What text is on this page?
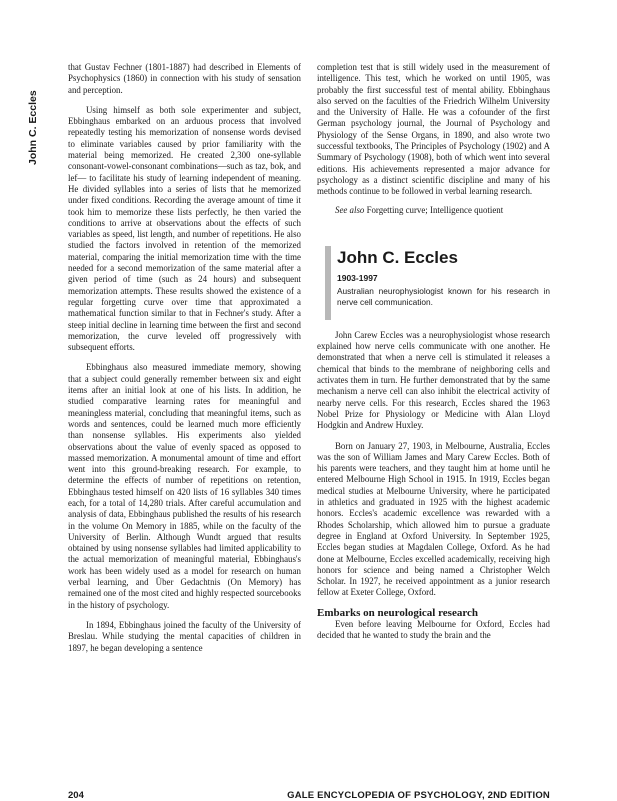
John C. Eccles

that Gustav Fechner (1801-1887) had described in Elements of Psychophysics (1860) in connection with his study of sensation and perception.

Using himself as both sole experimenter and subject, Ebbinghaus embarked on an arduous process that involved repeatedly testing his memorization of nonsense words devised to eliminate variables caused by prior familiarity with the material being memorized. He created 2,300 one-syllable consonant-vowel-consonant combinations—such as taz, bok, and lef— to facilitate his study of learning independent of meaning. He divided syllables into a series of lists that he memorized under fixed conditions. Recording the average amount of time it took him to memorize these lists perfectly, he then varied the conditions to arrive at observations about the effects of such variables as speed, list length, and number of repetitions. He also studied the factors involved in retention of the memorized material, comparing the initial memorization time with the time needed for a second memorization of the same material after a given period of time (such as 24 hours) and subsequent memorization attempts. These results showed the existence of a regular forgetting curve over time that approximated a mathematical function similar to that in Fechner's study. After a steep initial decline in learning time between the first and second memorization, the curve leveled off progressively with subsequent efforts.

Ebbinghaus also measured immediate memory, showing that a subject could generally remember between six and eight items after an initial look at one of his lists. In addition, he studied comparative learning rates for meaningful and meaningless material, concluding that meaningful items, such as words and sentences, could be learned much more efficiently than nonsense syllables. His experiments also yielded observations about the value of evenly spaced as opposed to massed memorization. A monumental amount of time and effort went into this ground-breaking research. For example, to determine the effects of number of repetitions on retention, Ebbinghaus tested himself on 420 lists of 16 syllables 340 times each, for a total of 14,280 trials. After careful accumulation and analysis of data, Ebbinghaus published the results of his research in the volume On Memory in 1885, while on the faculty of the University of Berlin. Although Wundt argued that results obtained by using nonsense syllables had limited applicability to the actual memorization of meaningful material, Ebbinghaus's work has been widely used as a model for research on human verbal learning, and Über Gedachtnis (On Memory) has remained one of the most cited and highly respected sourcebooks in the history of psychology.

In 1894, Ebbinghaus joined the faculty of the University of Breslau. While studying the mental capacities of children in 1897, he began developing a sentence

completion test that is still widely used in the measurement of intelligence. This test, which he worked on until 1905, was probably the first successful test of mental ability. Ebbinghaus also served on the faculties of the Friedrich Wilhelm University and the University of Halle. He was a cofounder of the first German psychology journal, the Journal of Psychology and Physiology of the Sense Organs, in 1890, and also wrote two successful textbooks, The Principles of Psychology (1902) and A Summary of Psychology (1908), both of which went into several editions. His achievements represented a major advance for psychology as a distinct scientific discipline and many of his methods continue to be followed in verbal learning research.

See also Forgetting curve; Intelligence quotient

John C. Eccles
1903-1997
Australian neurophysiologist known for his research in nerve cell communication.

John Carew Eccles was a neurophysiologist whose research explained how nerve cells communicate with one another. He demonstrated that when a nerve cell is stimulated it releases a chemical that binds to the membrane of neighboring cells and activates them in turn. He further demonstrated that by the same mechanism a nerve cell can also inhibit the electrical activity of nearby nerve cells. For this research, Eccles shared the 1963 Nobel Prize for Physiology or Medicine with Alan Lloyd Hodgkin and Andrew Huxley.

Born on January 27, 1903, in Melbourne, Australia, Eccles was the son of William James and Mary Carew Eccles. Both of his parents were teachers, and they taught him at home until he entered Melbourne High School in 1915. In 1919, Eccles began medical studies at Melbourne University, where he participated in athletics and graduated in 1925 with the highest academic honors. Eccles's academic excellence was rewarded with a Rhodes Scholarship, which allowed him to pursue a graduate degree in England at Oxford University. In September 1925, Eccles began studies at Magdalen College, Oxford. As he had done at Melbourne, Eccles excelled academically, receiving high honors for science and being named a Christopher Welch Scholar. In 1927, he received appointment as a junior research fellow at Exeter College, Oxford.

Embarks on neurological research

Even before leaving Melbourne for Oxford, Eccles had decided that he wanted to study the brain and the

204	GALE ENCYCLOPEDIA OF PSYCHOLOGY, 2ND EDITION
